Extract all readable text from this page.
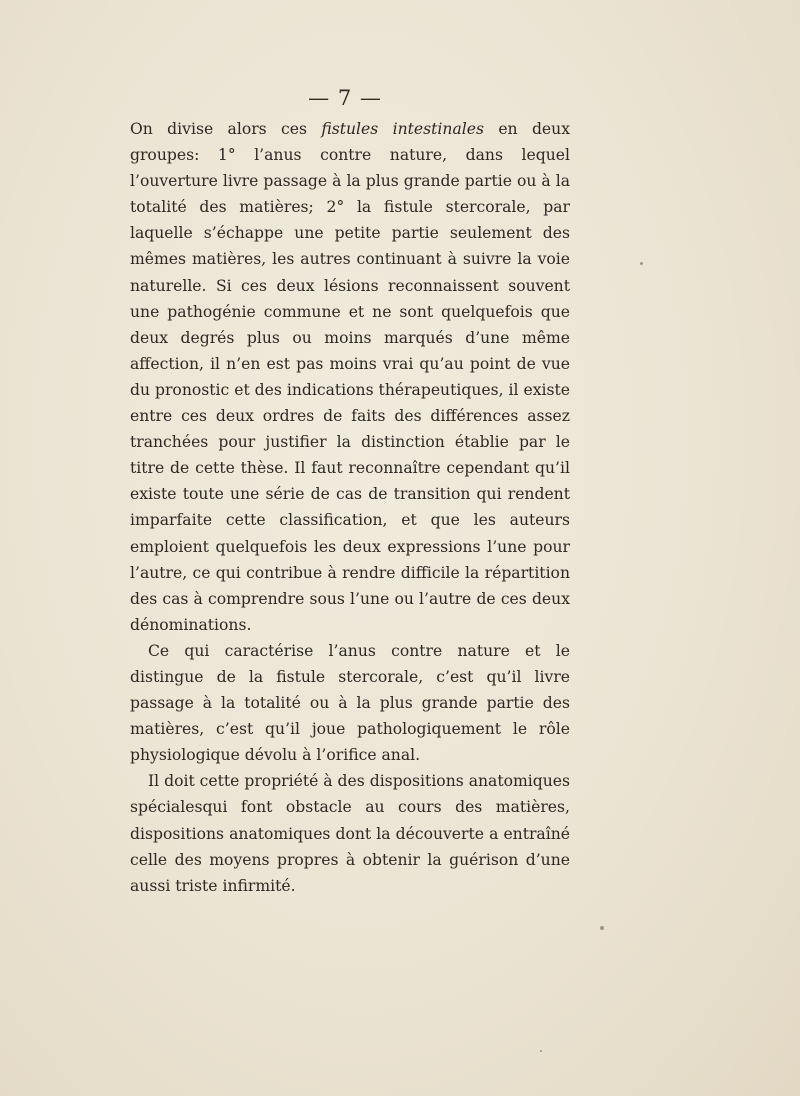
— 7 —

On divise alors ces fistules intestinales en deux groupes: 1° l’anus contre nature, dans lequel l’ouverture livre passage à la plus grande partie ou à la totalité des matières; 2° la fistule stercorale, par laquelle s’échappe une petite partie seulement des mêmes matières, les autres continuant à suivre la voie naturelle. Si ces deux lésions reconnaissent souvent une pathogénie commune et ne sont quelquefois que deux degrés plus ou moins marqués d’une même affection, il n’en est pas moins vrai qu’au point de vue du pronostic et des indications thérapeutiques, il existe entre ces deux ordres de faits des différences assez tranchées pour justifier la distinction établie par le titre de cette thèse. Il faut reconnaître cependant qu’il existe toute une série de cas de transition qui rendent imparfaite cette classification, et que les auteurs emploient quelquefois les deux expressions l’une pour l’autre, ce qui contribue à rendre difficile la répartition des cas à comprendre sous l’une ou l’autre de ces deux dénominations.

Ce qui caractérise l’anus contre nature et le distingue de la fistule stercorale, c’est qu’il livre passage à la totalité ou à la plus grande partie des matières, c’est qu’il joue pathologiquement le rôle physiologique dévolu à l’orifice anal.

Il doit cette propriété à des dispositions anatomiques spécialesqui font obstacle au cours des matières, dispositions anatomiques dont la découverte a entraîné celle des moyens propres à obtenir la guérison d’une aussi triste infirmité.
